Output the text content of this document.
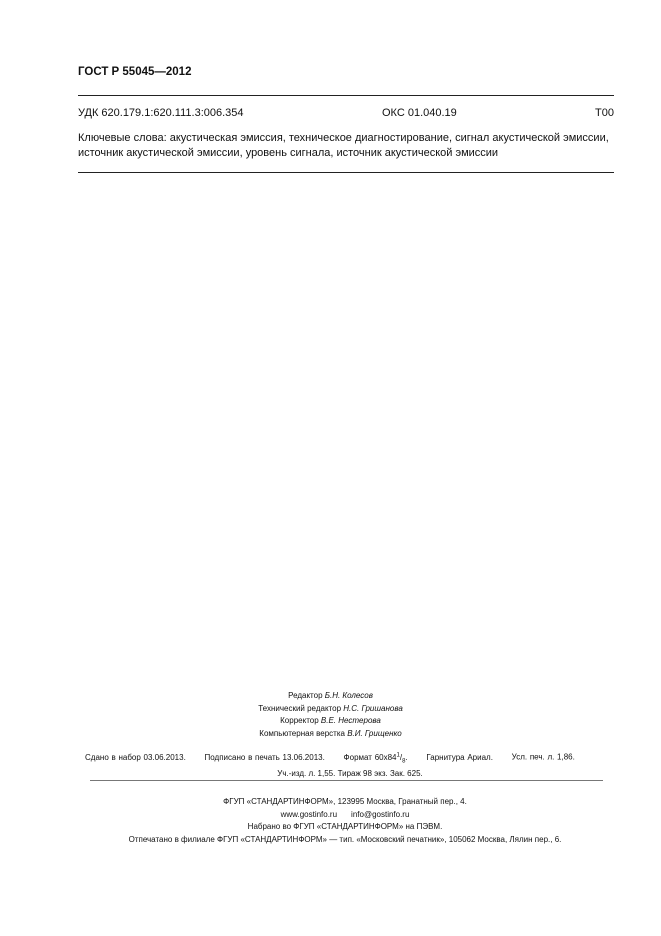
ГОСТ Р 55045—2012
УДК 620.179.1:620.111.3:006.354	ОКС 01.040.19	Т00
Ключевые слова: акустическая эмиссия, техническое диагностирование, сигнал акустической эмиссии,
источник акустической эмиссии, уровень сигнала, источник акустической эмиссии
Редактор Б.Н. Колесов
Технический редактор Н.С. Гришанова
Корректор В.Е. Нестерова
Компьютерная верстка В.И. Грищенко
Сдано в набор 03.06.2013. Подписано в печать 13.06.2013. Формат $60х84^1/_8$. Гарнитура Ариал. Усл. печ. л. 1,86.
Уч.-изд. л. 1,55. Тираж 98 экз. Зак. 625.
ФГУП «СТАНДАРТИНФОРМ», 123995 Москва, Гранатный пер., 4.
www.gostinfo.ru info@gostinfo.ru
Набрано во ФГУП «СТАНДАРТИНФОРМ» на ПЭВМ.
Отпечатано в филиале ФГУП «СТАНДАРТИНФОРМ» — тип. «Московский печатник», 105062 Москва, Лялин пер., 6.
